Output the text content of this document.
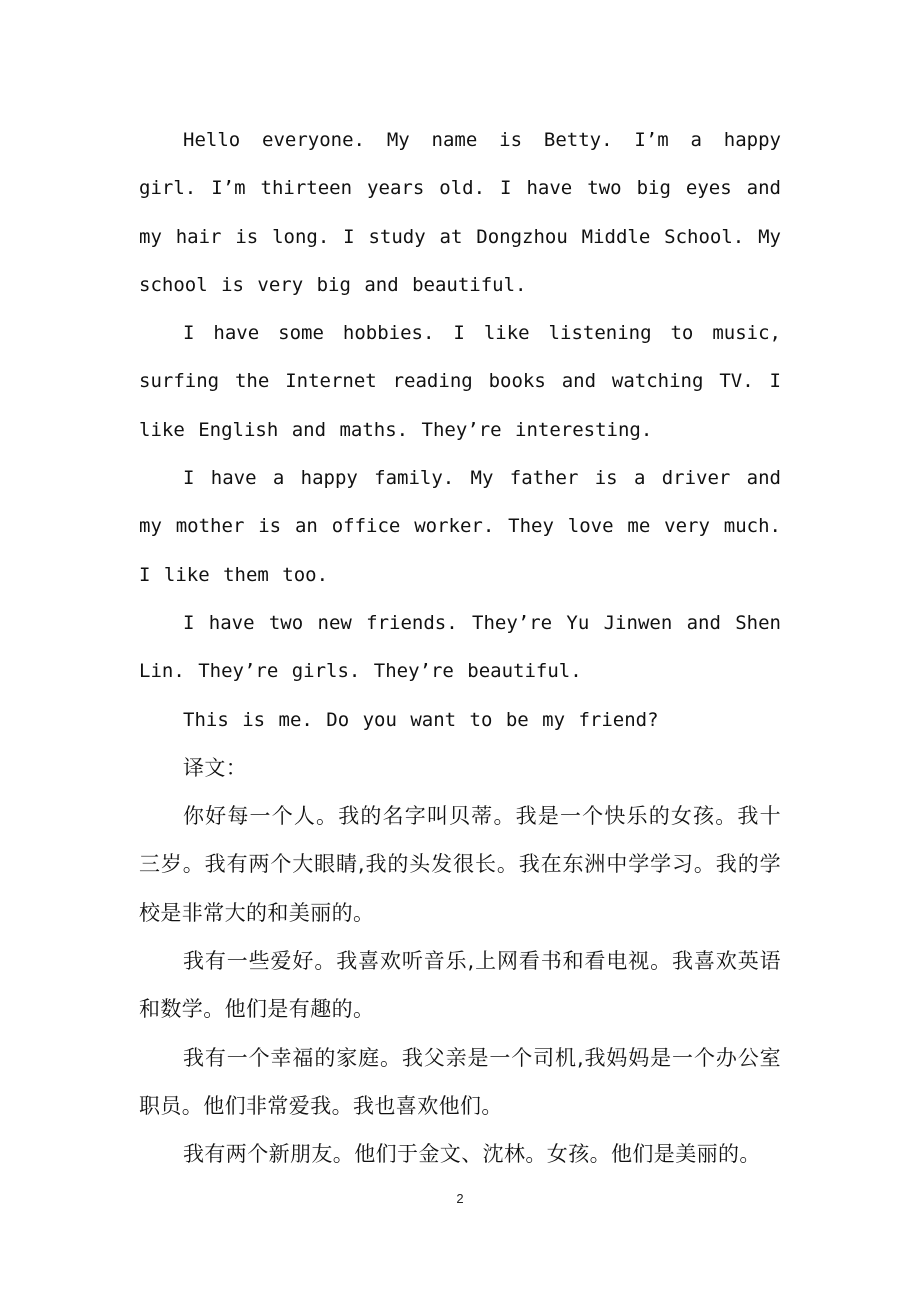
Hello everyone. My name is Betty. I’m a happy girl. I’m thirteen years old. I have two big eyes and my hair is long. I study at Dongzhou Middle School. My school is very big and beautiful.

I have some hobbies. I like listening to music, surfing the Internet reading books and watching TV. I like English and maths. They’re interesting.

I have a happy family. My father is a driver and my mother is an office worker. They love me very much. I like them too.

I have two new friends. They’re Yu Jinwen and Shen Lin. They’re girls. They’re beautiful.

This is me. Do you want to be my friend?

译文：

你好每一个人。我的名字叫贝蒂。我是一个快乐的女孩。我十三岁。我有两个大眼睛,我的头发很长。我在东洲中学学习。我的学校是非常大的和美丽的。

我有一些爱好。我喜欢听音乐,上网看书和看电视。我喜欢英语和数学。他们是有趣的。

我有一个幸福的家庭。我父亲是一个司机,我妈妈是一个办公室职员。他们非常爱我。我也喜欢他们。

我有两个新朋友。他们于金文、沈林。女孩。他们是美丽的。

2
